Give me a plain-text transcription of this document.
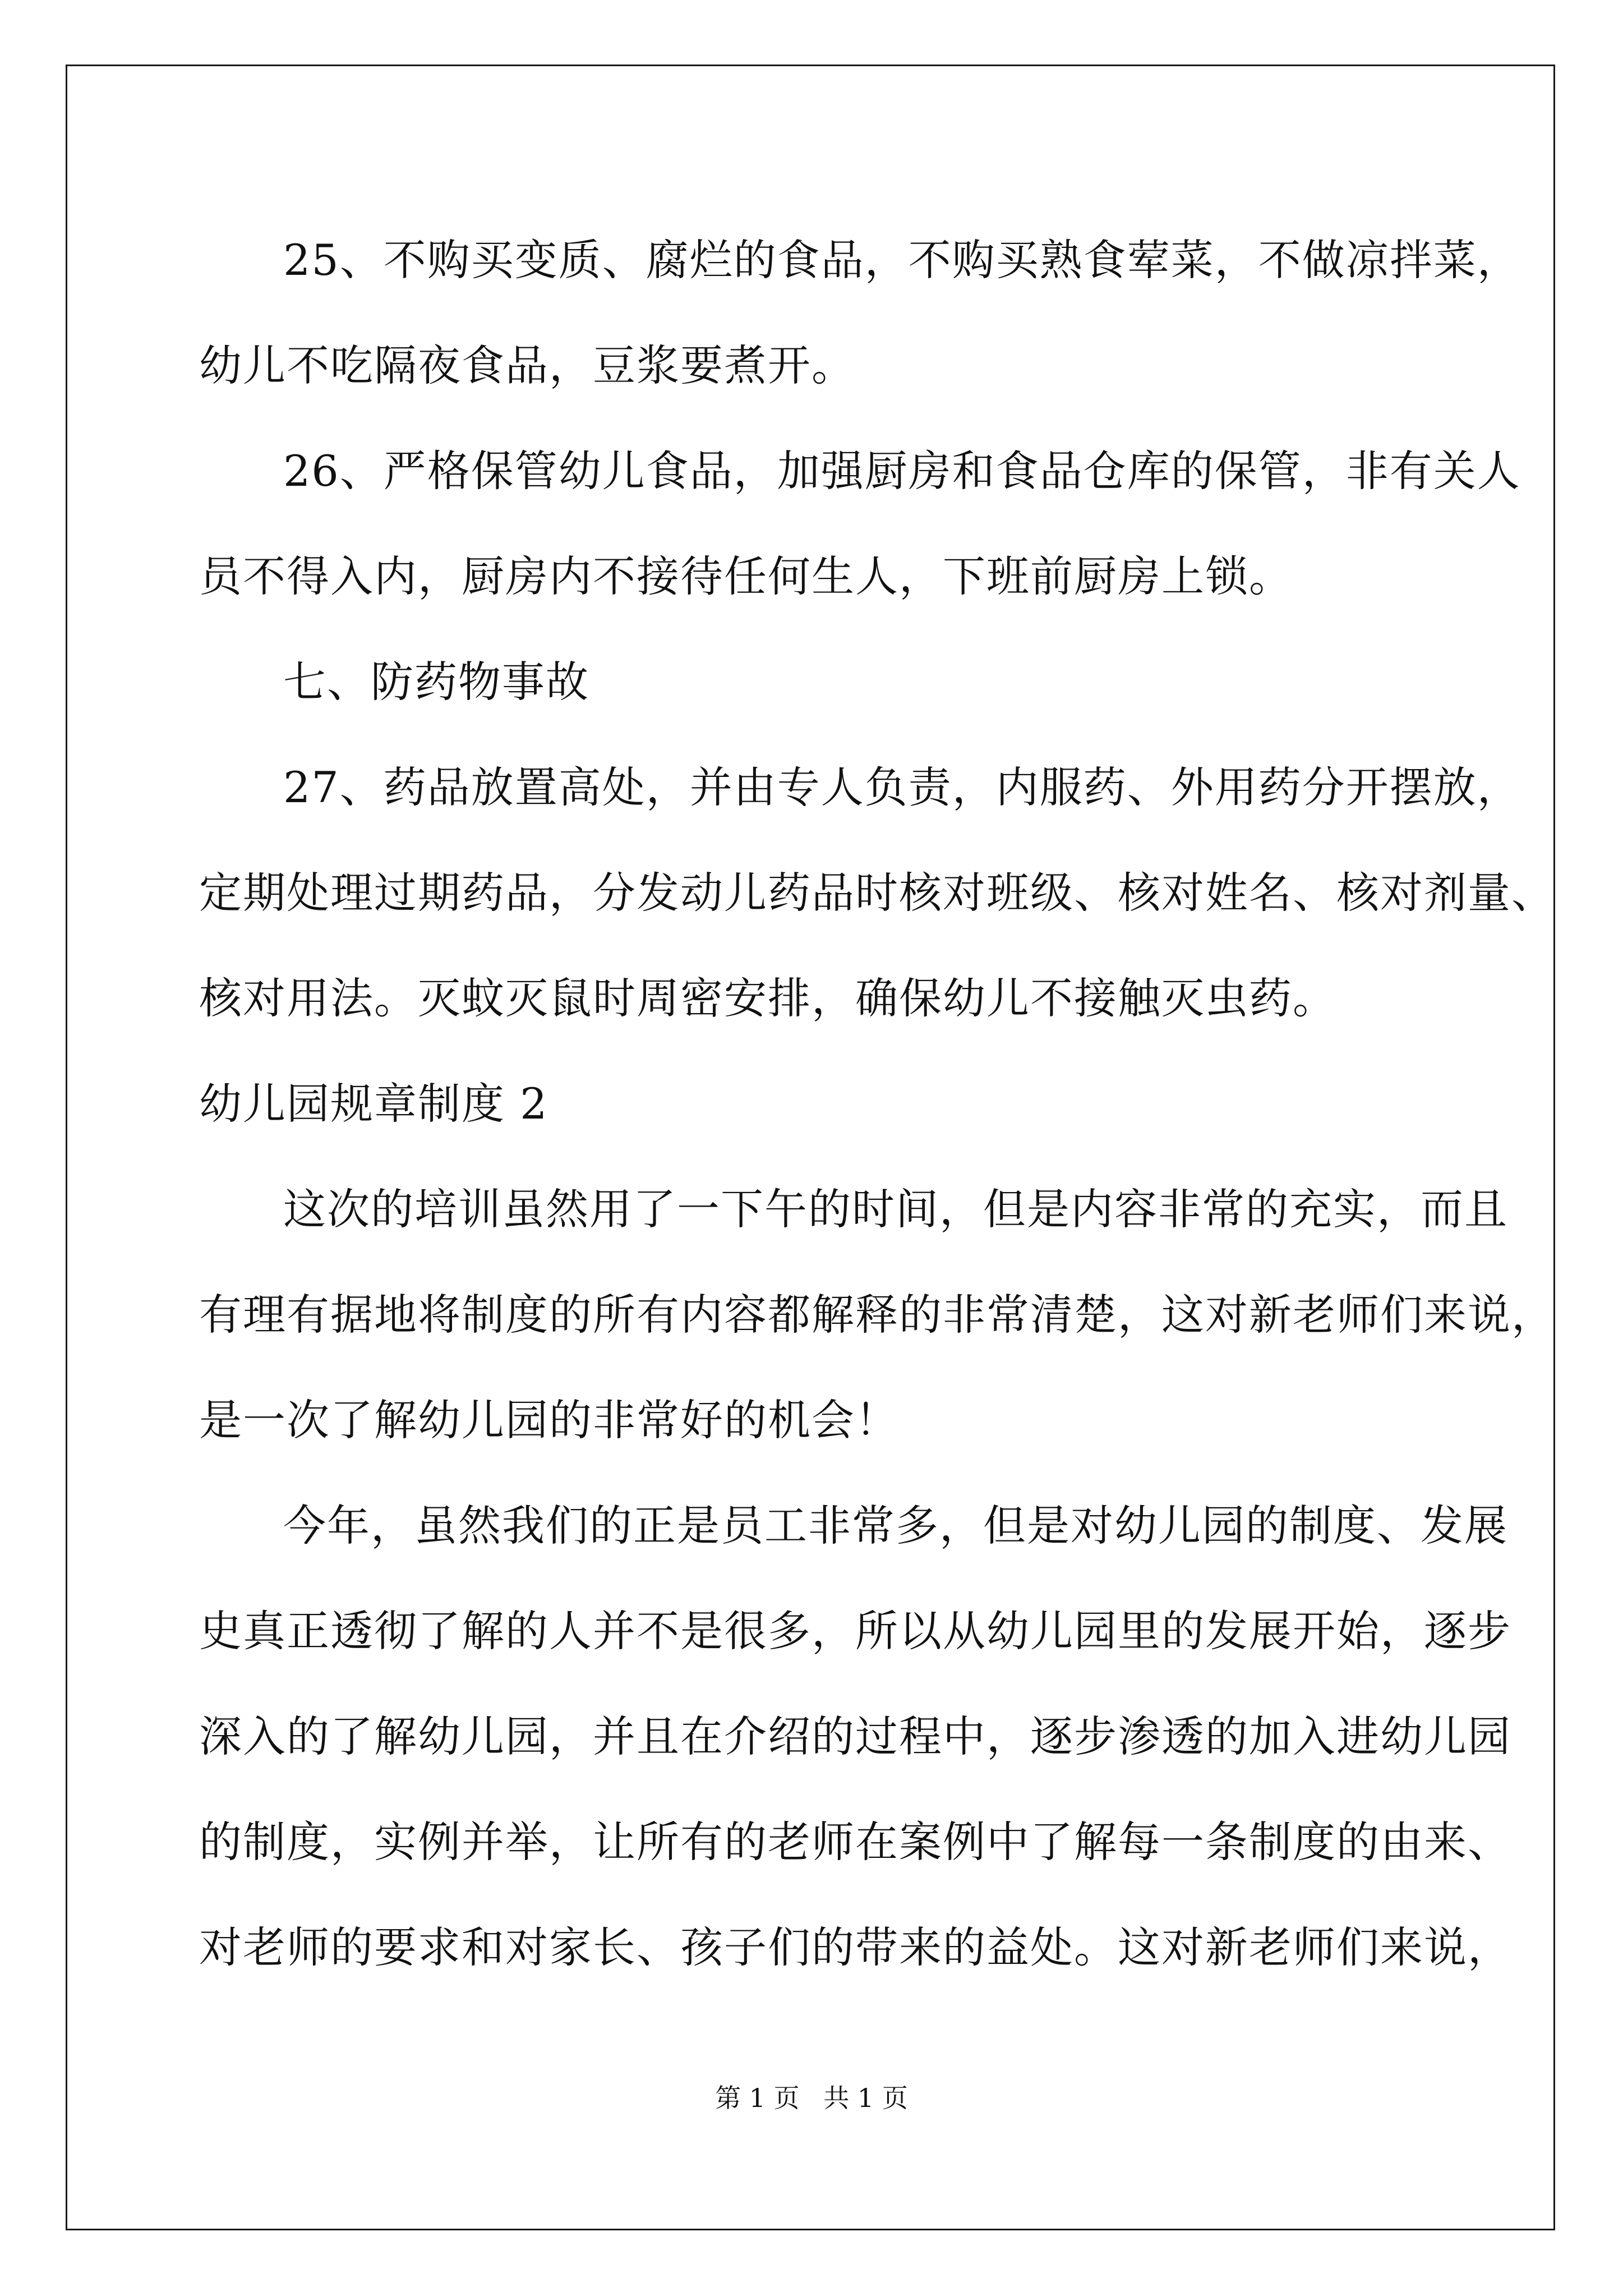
25、不购买变质、腐烂的食品，不购买熟食荤菜，不做凉拌菜，

幼儿不吃隔夜食品，豆浆要煮开。

26、严格保管幼儿食品，加强厨房和食品仓库的保管，非有关人

员不得入内，厨房内不接待任何生人，下班前厨房上锁。

七、防药物事故

27、药品放置高处，并由专人负责，内服药、外用药分开摆放，

定期处理过期药品，分发动儿药品时核对班级、核对姓名、核对剂量、

核对用法。灭蚊灭鼠时周密安排，确保幼儿不接触灭虫药。

幼儿园规章制度 2

这次的培训虽然用了一下午的时间，但是内容非常的充实，而且

有理有据地将制度的所有内容都解释的非常清楚，这对新老师们来说，

是一次了解幼儿园的非常好的机会！

今年，虽然我们的正是员工非常多，但是对幼儿园的制度、发展

史真正透彻了解的人并不是很多，所以从幼儿园里的发展开始，逐步

深入的了解幼儿园，并且在介绍的过程中，逐步渗透的加入进幼儿园

的制度，实例并举，让所有的老师在案例中了解每一条制度的由来、

对老师的要求和对家长、孩子们的带来的益处。这对新老师们来说，

第 1 页 共 1 页
